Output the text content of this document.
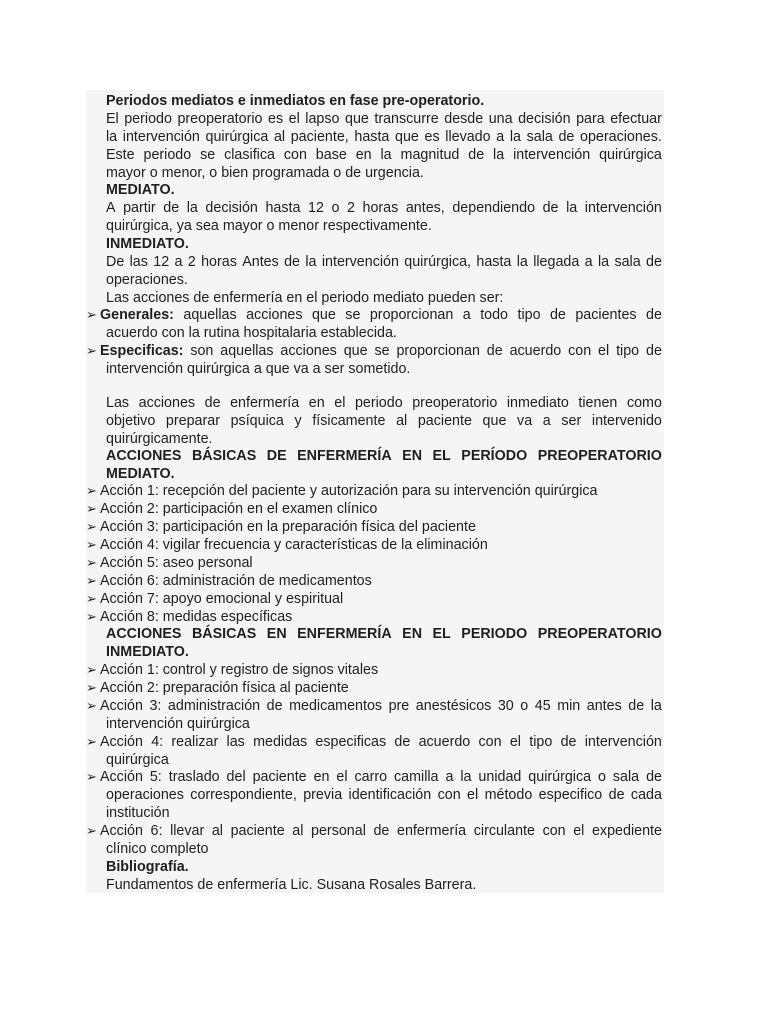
Periodos mediatos e inmediatos en fase pre-operatorio.
El periodo preoperatorio es el lapso que transcurre desde una decisión para efectuar
la intervención quirúrgica al paciente, hasta que es llevado a la sala de operaciones.
Este periodo se clasifica con base en la magnitud de la intervención quirúrgica
mayor o menor, o bien programada o de urgencia.
MEDIATO.
A partir de la decisión hasta 12 o 2 horas antes, dependiendo de la intervención
quirúrgica, ya sea mayor o menor respectivamente.
INMEDIATO.
De las 12 a 2 horas Antes de la intervención quirúrgica, hasta la llegada a la sala de
operaciones.
Las acciones de enfermería en el periodo mediato pueden ser:
➢ Generales: aquellas acciones que se proporcionan a todo tipo de pacientes de
acuerdo con la rutina hospitalaria establecida.
➢ Especificas: son aquellas acciones que se proporcionan de acuerdo con el tipo de
intervención quirúrgica a que va a ser sometido.
Las acciones de enfermería en el periodo preoperatorio inmediato tienen como
objetivo preparar psíquica y físicamente al paciente que va a ser intervenido
quirúrgicamente.
ACCIONES BÁSICAS DE ENFERMERÍA EN EL PERÍODO PREOPERATORIO
MEDIATO.
➢ Acción 1: recepción del paciente y autorización para su intervención quirúrgica
➢ Acción 2: participación en el examen clínico
➢ Acción 3: participación en la preparación física del paciente
➢ Acción 4: vigilar frecuencia y características de la eliminación
➢ Acción 5: aseo personal
➢ Acción 6: administración de medicamentos
➢ Acción 7: apoyo emocional y espiritual
➢ Acción 8: medidas específicas
ACCIONES BÁSICAS EN ENFERMERÍA EN EL PERIODO PREOPERATORIO
INMEDIATO.
➢ Acción 1: control y registro de signos vitales
➢ Acción 2: preparación física al paciente
➢ Acción 3: administración de medicamentos pre anestésicos 30 o 45 min antes de la
intervención quirúrgica
➢ Acción 4: realizar las medidas especificas de acuerdo con el tipo de intervención
quirúrgica
➢ Acción 5: traslado del paciente en el carro camilla a la unidad quirúrgica o sala de
operaciones correspondiente, previa identificación con el método especifico de cada
institución
➢ Acción 6: llevar al paciente al personal de enfermería circulante con el expediente
clínico completo
Bibliografía.
Fundamentos de enfermería Lic. Susana Rosales Barrera.
